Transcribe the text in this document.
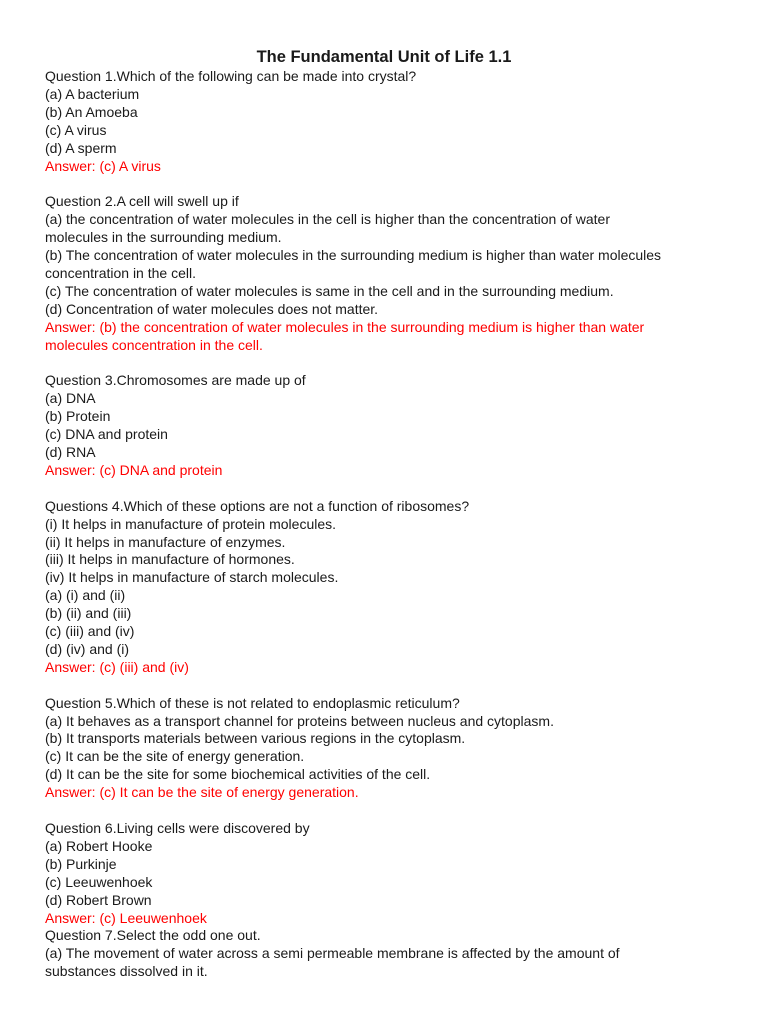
The Fundamental Unit of Life 1.1
Question 1.Which of the following can be made into crystal?
(a) A bacterium
(b) An Amoeba
(c) A virus
(d) A sperm
Answer: (c) A virus
Question 2.A cell will swell up if
(a) the concentration of water molecules in the cell is higher than the concentration of water
molecules in the surrounding medium.
(b) The concentration of water molecules in the surrounding medium is higher than water molecules
concentration in the cell.
(c) The concentration of water molecules is same in the cell and in the surrounding medium.
(d) Concentration of water molecules does not matter.
Answer: (b) the concentration of water molecules in the surrounding medium is higher than water
molecules concentration in the cell.
Question 3.Chromosomes are made up of
(a) DNA
(b) Protein
(c) DNA and protein
(d) RNA
Answer: (c) DNA and protein
Questions 4.Which of these options are not a function of ribosomes?
(i) It helps in manufacture of protein molecules.
(ii) It helps in manufacture of enzymes.
(iii) It helps in manufacture of hormones.
(iv) It helps in manufacture of starch molecules.
(a) (i) and (ii)
(b) (ii) and (iii)
(c) (iii) and (iv)
(d) (iv) and (i)
Answer: (c) (iii) and (iv)
Question 5.Which of these is not related to endoplasmic reticulum?
(a) It behaves as a transport channel for proteins between nucleus and cytoplasm.
(b) It transports materials between various regions in the cytoplasm.
(c) It can be the site of energy generation.
(d) It can be the site for some biochemical activities of the cell.
Answer: (c) It can be the site of energy generation.
Question 6.Living cells were discovered by
(a) Robert Hooke
(b) Purkinje
(c) Leeuwenhoek
(d) Robert Brown
Answer: (c) Leeuwenhoek
Question 7.Select the odd one out.
(a) The movement of water across a semi permeable membrane is affected by the amount of
substances dissolved in it.
